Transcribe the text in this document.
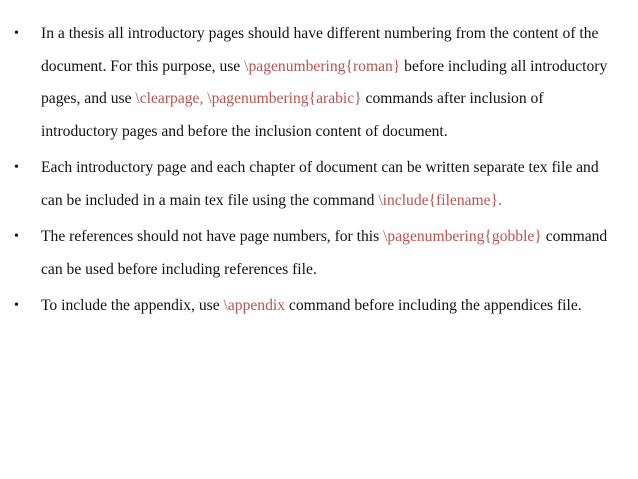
• In a thesis all introductory pages should have different numbering from the content of the document. For this purpose, use \pagenumbering{roman} before including all introductory pages, and use \clearpage, \pagenumbering{arabic} commands after inclusion of introductory pages and before the inclusion content of document.
• Each introductory page and each chapter of document can be written separate tex file and can be included in a main tex file using the command \include{filename}.
• The references should not have page numbers, for this \pagenumbering{gobble} command can be used before including references file.
• To include the appendix, use \appendix command before including the appendices file.
